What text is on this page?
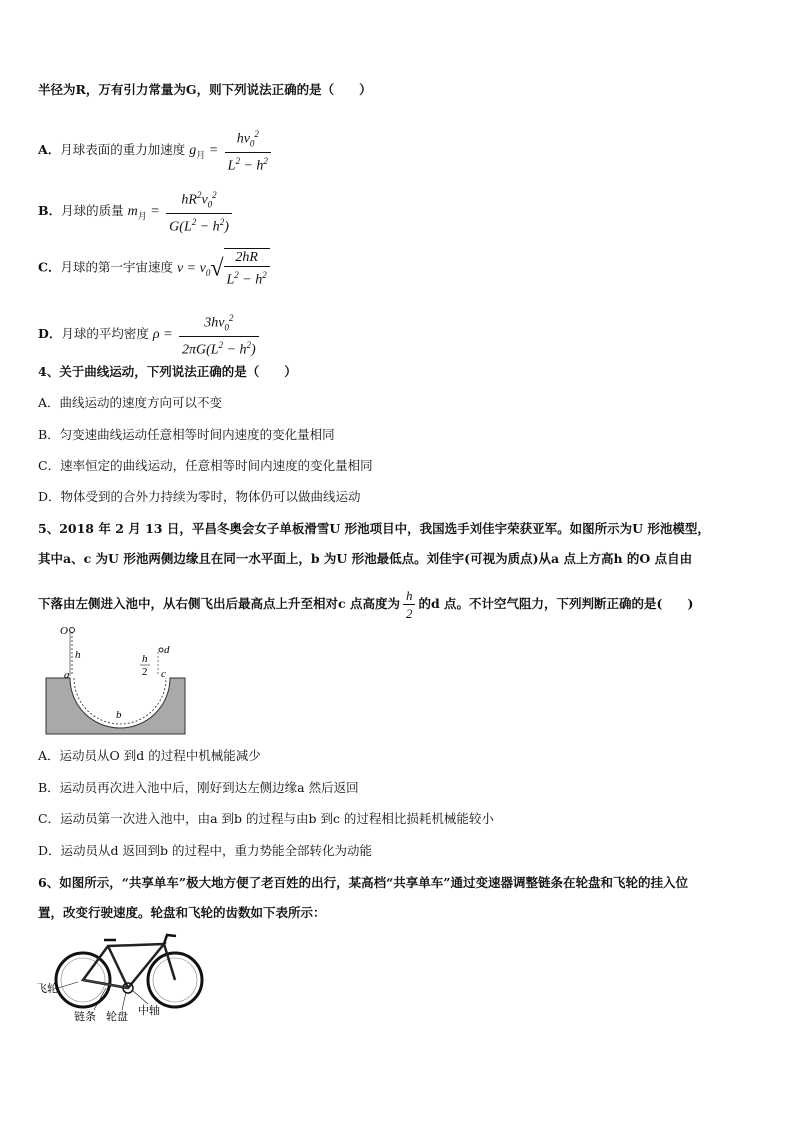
半径为R，万有引力常量为G，则下列说法正确的是（　　）
A．月球表面的重力加速度 $g_月 = \frac{hv_0^2}{L^2 - h^2}$
B．月球的质量 $m_月 = \frac{hR^2v_0^2}{G(L^2 - h^2)}$
C．月球的第一宇宙速度 $v = v_0√ \frac{2hR}{L^2 - h^2}$
D．月球的平均密度 $\rho = \frac{3hv_0^2}{2\pi G(L^2 - h^2)}$
4、关于曲线运动，下列说法正确的是（　　）
A．曲线运动的速度方向可以不变
B．匀变速曲线运动任意相等时间内速度的变化量相同
C．速率恒定的曲线运动，任意相等时间内速度的变化量相同
D．物体受到的合外力持续为零时，物体仍可以做曲线运动
5、2018 年 2 月 13 日，平昌冬奥会女子单板滑雪U 形池项目中，我国选手刘佳宇荣获亚军。如图所示为U 形池模型，
其中a、c 为U 形池两侧边缘且在同一水平面上，b 为U 形池最低点。刘佳宇(可视为质点)从a 点上方高h 的O 点自由
下落由左侧进入池中，从右侧飞出后最高点上升至相对c 点高度为 $\frac{h}{2}$ 的d 点。不计空气阻力，下列判断正确的是(　　)
O
h
a	c
d
h
2
b
A．运动员从O 到d 的过程中机械能减少
B．运动员再次进入池中后，刚好到达左侧边缘a 然后返回
C．运动员第一次进入池中，由a 到b 的过程与由b 到c 的过程相比损耗机械能较小
D．运动员从d 返回到b 的过程中，重力势能全部转化为动能
6、如图所示，“共享单车”极大地方便了老百姓的出行，某高档“共享单车”通过变速器调整链条在轮盘和飞轮的挂入位
置，改变行驶速度。轮盘和飞轮的齿数如下表所示：
飞轮
链条 轮盘 中轴
